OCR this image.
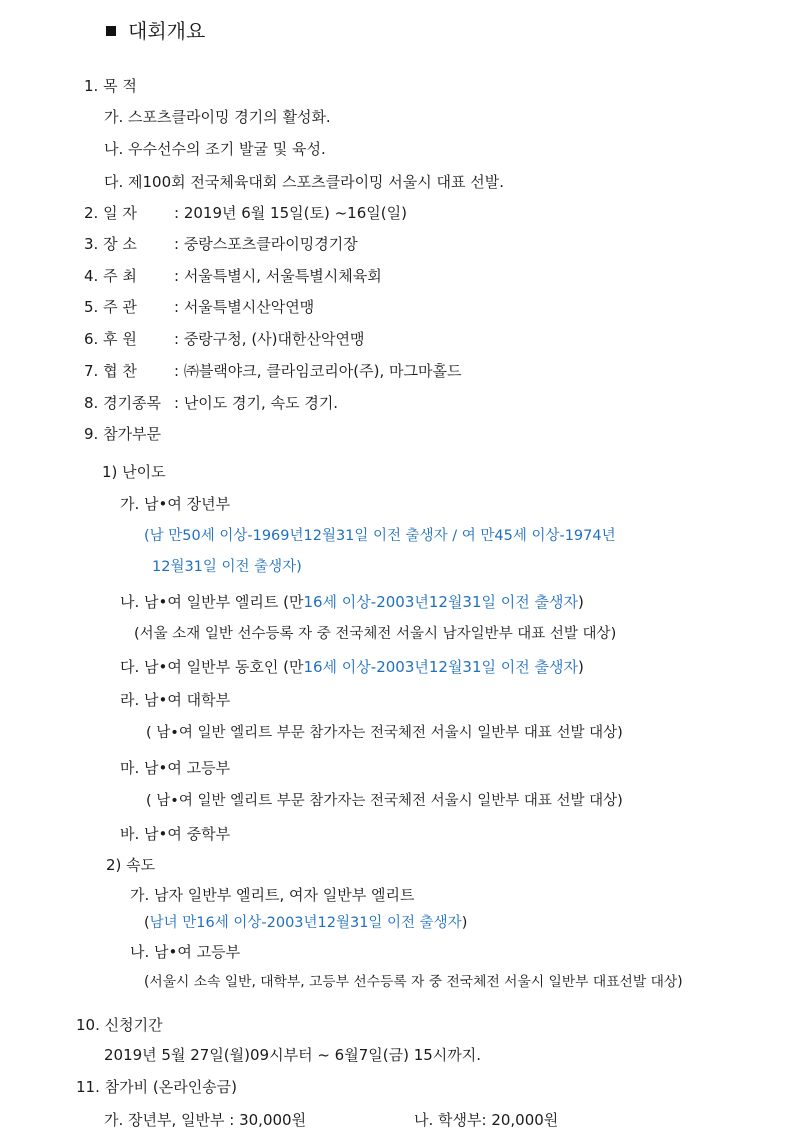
대회개요
1. 목 적
가. 스포츠클라이밍 경기의 활성화.
나. 우수선수의 조기 발굴 및 육성.
다. 제100회 전국체육대회 스포츠클라이밍 서울시 대표 선발.
2. 일 자 : 2019년 6월 15일(토) ~16일(일)
3. 장 소 : 중랑스포츠클라이밍경기장
4. 주 최 : 서울특별시, 서울특별시체육회
5. 주 관 : 서울특별시산악연맹
6. 후 원 : 중랑구청, (사)대한산악연맹
7. 협 찬 : ㈜블랙야크, 클라임코리아(주), 마그마홀드
8. 경기종목 : 난이도 경기, 속도 경기.
9. 참가부문
1) 난이도
가. 남•여 장년부
(남 만50세 이상-1969년12월31일 이전 출생자 / 여 만45세 이상-1974년
12월31일 이전 출생자)
나. 남•여 일반부 엘리트 (만16세 이상-2003년12월31일 이전 출생자)
(서울 소재 일반 선수등록 자 중 전국체전 서울시 남자일반부 대표 선발 대상)
다. 남•여 일반부 동호인 (만16세 이상-2003년12월31일 이전 출생자)
라. 남•여 대학부
( 남•여 일반 엘리트 부문 참가자는 전국체전 서울시 일반부 대표 선발 대상)
마. 남•여 고등부
( 남•여 일반 엘리트 부문 참가자는 전국체전 서울시 일반부 대표 선발 대상)
바. 남•여 중학부
2) 속도
가. 남자 일반부 엘리트, 여자 일반부 엘리트
(남녀 만16세 이상-2003년12월31일 이전 출생자)
나. 남•여 고등부
(서울시 소속 일반, 대학부, 고등부 선수등록 자 중 전국체전 서울시 일반부 대표선발 대상)
10. 신청기간
2019년 5월 27일(월)09시부터 ~ 6월7일(금) 15시까지.
11. 참가비 (온라인송금)
가. 장년부, 일반부 : 30,000원	나. 학생부: 20,000원
